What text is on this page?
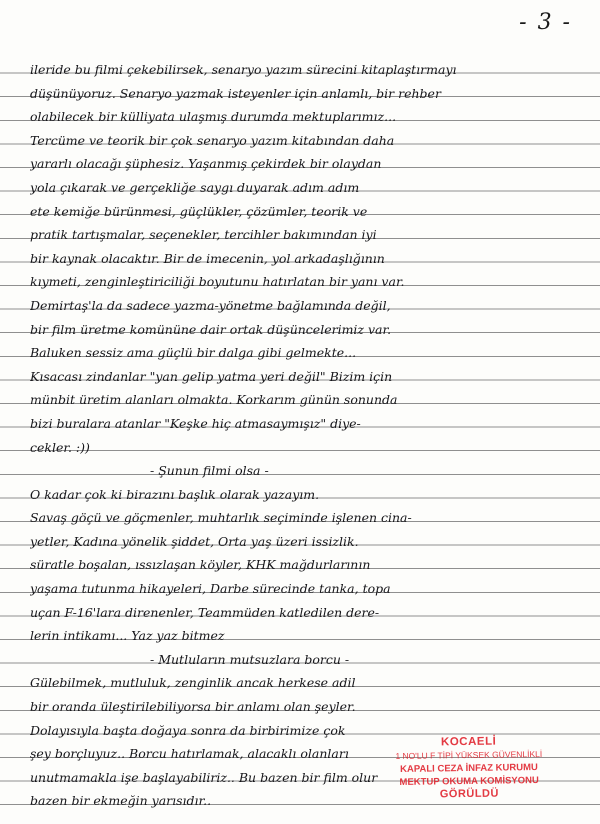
- 3 -
ileride bu filmi çekebilirsek, senaryo yazım sürecini kitaplaştırmayı
düşünüyoruz. Senaryo yazmak isteyenler için anlamlı, bir rehber
olabilecek bir külliyata ulaşmış durumda mektuplarımız...
Tercüme ve teorik bir çok senaryo yazım kitabından daha
yararlı olacağı şüphesiz. Yaşanmış çekirdek bir olaydan
yola çıkarak ve gerçekliğe saygı duyarak adım adım
ete kemiğe bürünmesi, güçlükler, çözümler, teorik ve
pratik tartışmalar, seçenekler, tercihler bakımından iyi
bir kaynak olacaktır. Bir de imecenin, yol arkadaşlığının
kıymeti, zenginleştiriciliği boyutunu hatırlatan bir yanı var.
Demirtaş'la da sadece yazma-yönetme bağlamında değil,
bir film üretme komününe dair ortak düşüncelerimiz var.
Baluken sessiz ama güçlü bir dalga gibi gelmekte...
Kısacası zindanlar "yan gelip yatma yeri değil" Bizim için
münbit üretim alanları olmakta. Korkarım günün sonunda
bizi buralara atanlar "Keşke hiç atmasaymışız" diye-
cekler. :))
- Şunun filmi olsa -
O kadar çok ki birazını başlık olarak yazayım.
Savaş göçü ve göçmenler, muhtarlık seçiminde işlenen cina-
yetler, Kadına yönelik şiddet, Orta yaş üzeri issizlik.
süratle boşalan, ıssızlaşan köyler, KHK mağdurlarının
yaşama tutunma hikayeleri, Darbe sürecinde tanka, topa
uçan F-16'lara direnenler, Teammüden katledilen dere-
lerin intikamı... Yaz yaz bitmez
- Mutluların mutsuzlara borcu -
Gülebilmek, mutluluk, zenginlik ancak herkese adil
bir oranda üleştirilebiliyorsa bir anlamı olan şeyler.
Dolayısıyla başta doğaya sonra da birbirimize çok
şey borçluyuz.. Borcu hatırlamak, alacaklı olanları
unutmamakla işe başlayabiliriz.. Bu bazen bir film olur
bazen bir ekmeğin yarısıdır..
KOCAELİ
1 NO'LU F TİPİ YÜKSEK GÜVENLİKLİ
KAPALI CEZA İNFAZ KURUMU
MEKTUP OKUMA KOMİSYONU
GÖRÜLDÜ
